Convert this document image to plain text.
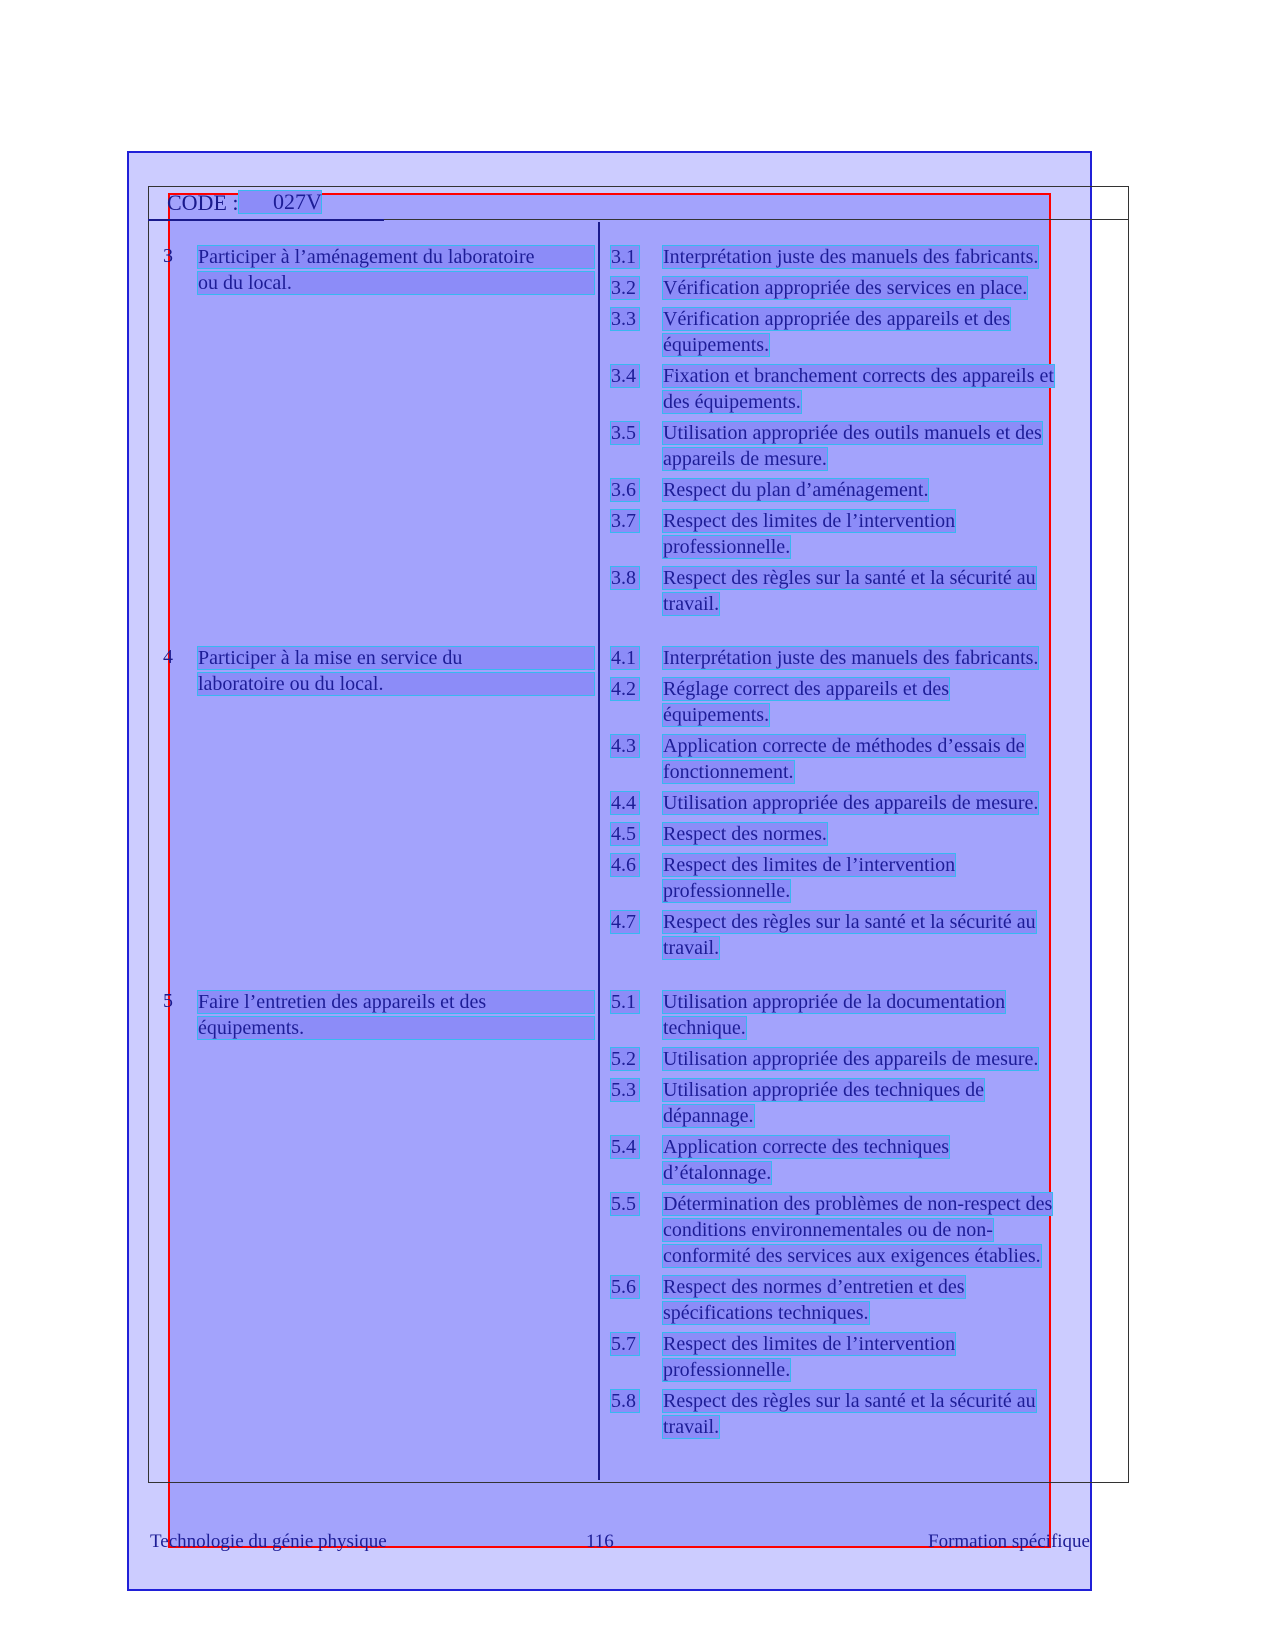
CODE :	027V
3 Participer à l’aménagement du laboratoire
ou du local.
3.1 Interprétation juste des manuels des fabricants.
3.2 Vérification appropriée des services en place.
3.3 Vérification appropriée des appareils et des
équipements.
3.4 Fixation et branchement corrects des appareils et
des équipements.
3.5 Utilisation appropriée des outils manuels et des
appareils de mesure.
3.6 Respect du plan d’aménagement.
3.7 Respect des limites de l’intervention
professionnelle.
3.8 Respect des règles sur la santé et la sécurité au
travail.
4 Participer à la mise en service du
laboratoire ou du local.
4.1 Interprétation juste des manuels des fabricants.
4.2 Réglage correct des appareils et des
équipements.
4.3 Application correcte de méthodes d’essais de
fonctionnement.
4.4 Utilisation appropriée des appareils de mesure.
4.5 Respect des normes.
4.6 Respect des limites de l’intervention
professionnelle.
4.7 Respect des règles sur la santé et la sécurité au
travail.
5 Faire l’entretien des appareils et des
équipements.
5.1 Utilisation appropriée de la documentation
technique.
5.2 Utilisation appropriée des appareils de mesure.
5.3 Utilisation appropriée des techniques de
dépannage.
5.4 Application correcte des techniques
d’étalonnage.
5.5 Détermination des problèmes de non-respect des
conditions environnementales ou de non-
conformité des services aux exigences établies.
5.6 Respect des normes d’entretien et des
spécifications techniques.
5.7 Respect des limites de l’intervention
professionnelle.
5.8 Respect des règles sur la santé et la sécurité au
travail.
Technologie du génie physique	116	Formation spécifique
